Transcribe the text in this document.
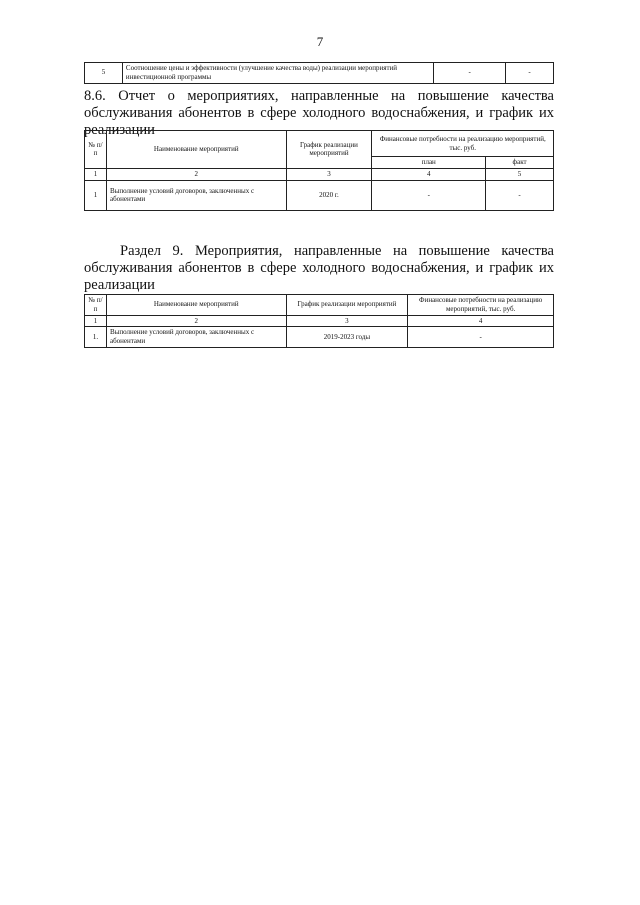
7
5	Соотношение цены и эффективности (улучшение качества воды) реализации мероприятий инвестиционной программы	-	-

8.6. Отчет о мероприятиях, направленные на повышение качества

обслуживания абонентов в сфере холодного водоснабжения, и график их

реализации

№ п/п	Наименование мероприятий	График реализации мероприятий	Финансовые потребности на реализацию мероприятий, тыс. руб.	
			план	факт
1	2	3	4	5
1	Выполнение условий договоров, заключенных с абонентами	2020 г.	-	-

Раздел 9. Мероприятия, направленные на повышение качества

обслуживания абонентов в сфере холодного водоснабжения, и график их

реализации

№ п/п	Наименование мероприятий	График реализации мероприятий	Финансовые потребности на реализацию мероприятий, тыс. руб.
1	2	3	4
1.	Выполнение условий договоров, заключенных с абонентами	2019-2023 годы	-
